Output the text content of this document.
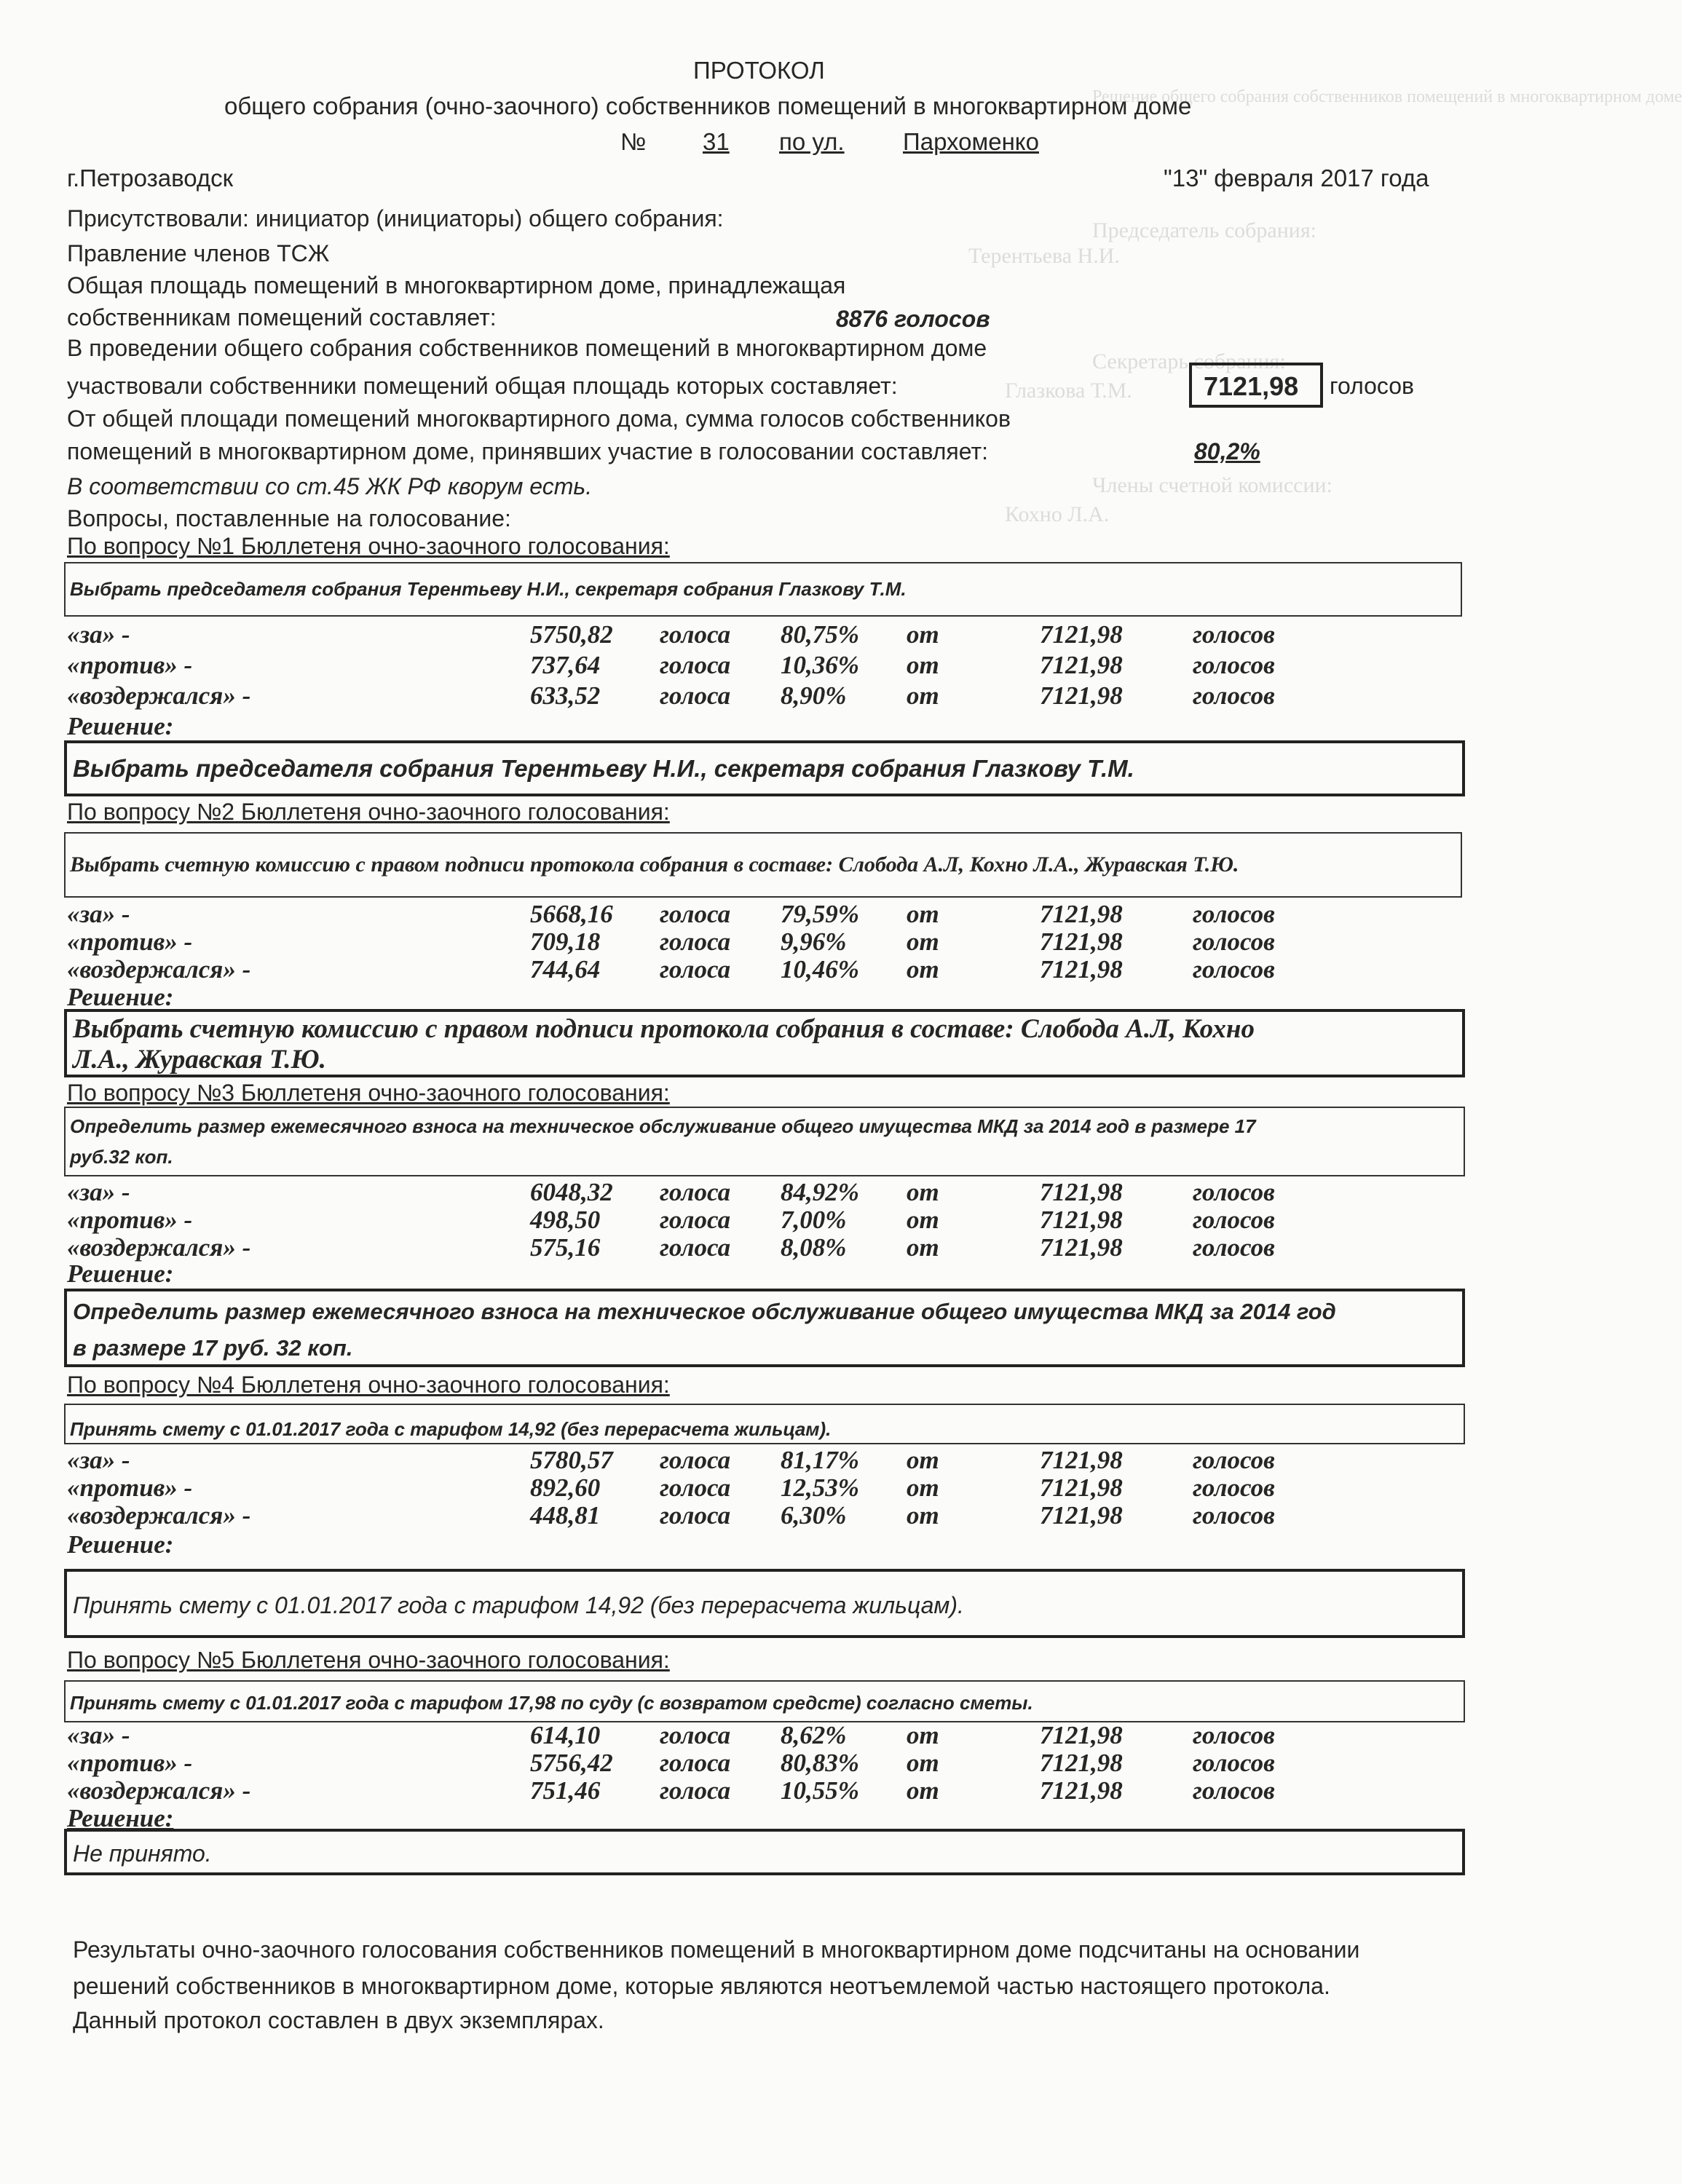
Решение общего собрания собственников помещений в многоквартирном доме
Председатель собрания:
Терентьева Н.И.
Секретарь собрания:
Глазкова Т.М.
Члены счетной комиссии:
Кохно Л.А.
ПРОТОКОЛ
общего собрания (очно-заочного) собственников помещений в многоквартирном доме
№ 31 по ул. Пархоменко
г.Петрозаводск	"13" февраля 2017 года
Присутствовали: инициатор (инициаторы) общего собрания:
Правление членов ТСЖ
Общая площадь помещений в многоквартирном доме, принадлежащая
собственникам помещений составляет:	8876 голосов
В проведении общего собрания собственников помещений в многоквартирном доме
участвовали собственники помещений общая площадь которых составляет:	7121,98 голосов
От общей площади помещений многоквартирного дома, сумма голосов собственников
помещений в многоквартирном доме, принявших участие в голосовании составляет:	80,2%
В соответствии со ст.45 ЖК РФ кворум есть.
Вопросы, поставленные на голосование:
По вопросу №1 Бюллетеня очно-заочного голосования:
Выбрать председателя собрания Терентьеву Н.И., секретаря собрания Глазкову Т.М.
«за» -	5750,82 голоса 80,75% от	7121,98	голосов
«против» -	737,64 голоса 10,36% от	7121,98	голосов
«воздержался» -	633,52 голоса 8,90% от	7121,98	голосов
Решение:
Выбрать председателя собрания Терентьеву Н.И., секретаря собрания Глазкову Т.М.
По вопросу №2 Бюллетеня очно-заочного голосования:
Выбрать счетную комиссию с правом подписи протокола собрания в составе: Слобода А.Л, Кохно Л.А., Журавская Т.Ю.
«за» -	5668,16 голоса 79,59% от	7121,98	голосов
«против» -	709,18 голоса 9,96% от	7121,98	голосов
«воздержался» -	744,64 голоса 10,46% от	7121,98	голосов
Решение:
Выбрать счетную комиссию с правом подписи протокола собрания в составе: Слобода А.Л, Кохно
Л.А., Журавская Т.Ю.
По вопросу №3 Бюллетеня очно-заочного голосования:
Определить размер ежемесячного взноса на техническое обслуживание общего имущества МКД за 2014 год в размере 17
руб.32 коп.
«за» -	6048,32 голоса 84,92% от	7121,98	голосов
«против» -	498,50 голоса 7,00% от	7121,98	голосов
«воздержался» -	575,16 голоса 8,08% от	7121,98	голосов
Решение:
Определить размер ежемесячного взноса на техническое обслуживание общего имущества МКД за 2014 год
в размере 17 руб. 32 коп.
По вопросу №4 Бюллетеня очно-заочного голосования:
Принять смету с 01.01.2017 года с тарифом 14,92 (без перерасчета жильцам).
«за» -	5780,57 голоса 81,17% от	7121,98	голосов
«против» -	892,60 голоса 12,53% от	7121,98	голосов
«воздержался» -	448,81 голоса 6,30% от	7121,98	голосов
Решение:
Принять смету с 01.01.2017 года с тарифом 14,92 (без перерасчета жильцам).
По вопросу №5 Бюллетеня очно-заочного голосования:
Принять смету с 01.01.2017 года с тарифом 17,98 по суду (с возвратом средсте) согласно сметы.
«за» -	614,10 голоса 8,62% от	7121,98	голосов
«против» -	5756,42 голоса 80,83% от	7121,98	голосов
«воздержался» -	751,46 голоса 10,55% от	7121,98	голосов
Решение:
Не принято.
Результаты очно-заочного голосования собственников помещений в многоквартирном доме подсчитаны на основании
решений собственников в многоквартирном доме, которые являются неотъемлемой частью настоящего протокола.
Данный протокол составлен в двух экземплярах.
